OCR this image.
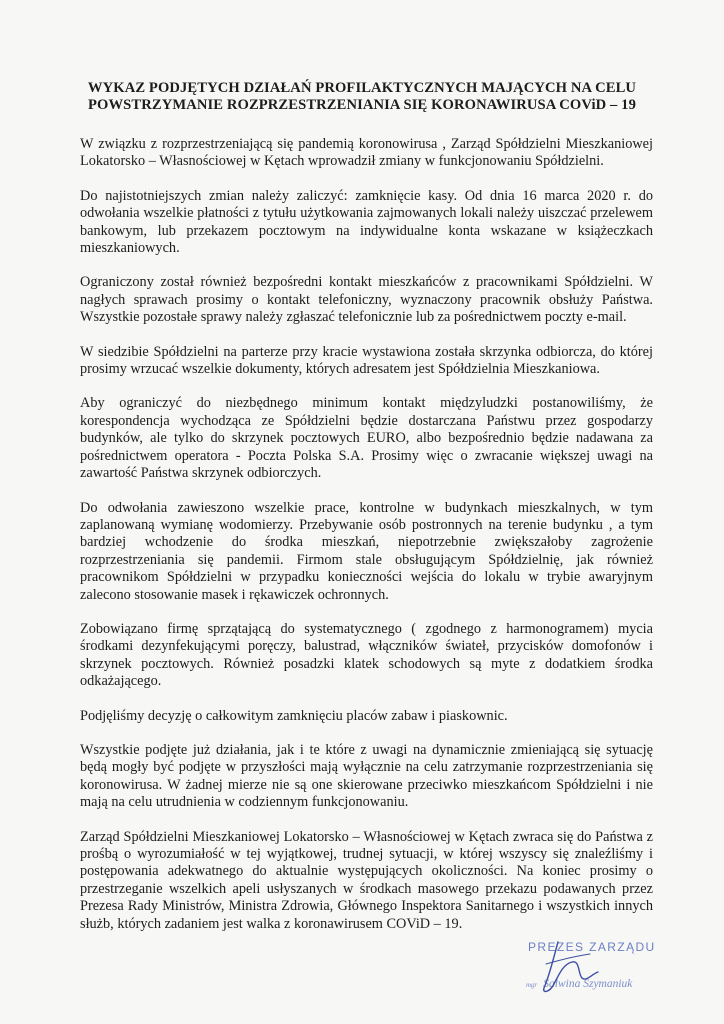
WYKAZ PODJĘTYCH DZIAŁAŃ PROFILAKTYCZNYCH MAJĄCYCH NA CELU
POWSTRZYMANIE ROZPRZESTRZENIANIA SIĘ KORONAWIRUSA COViD – 19

W związku z rozprzestrzeniającą się pandemią koronowirusa , Zarząd Spółdzielni Mieszkaniowej Lokatorsko – Własnościowej w Kętach wprowadził zmiany w funkcjonowaniu Spółdzielni.

Do najistotniejszych zmian należy zaliczyć: zamknięcie kasy. Od dnia 16 marca 2020 r. do odwołania wszelkie płatności z tytułu użytkowania zajmowanych lokali należy uiszczać przelewem bankowym, lub przekazem pocztowym na indywidualne konta wskazane w książeczkach mieszkaniowych.

Ograniczony został również bezpośredni kontakt mieszkańców z pracownikami Spółdzielni. W nagłych sprawach prosimy o kontakt telefoniczny, wyznaczony pracownik obsłuży Państwa. Wszystkie pozostałe sprawy należy zgłaszać telefonicznie lub za pośrednictwem poczty e-mail.

W siedzibie Spółdzielni na parterze przy kracie wystawiona została skrzynka odbiorcza, do której prosimy wrzucać wszelkie dokumenty, których adresatem jest Spółdzielnia Mieszkaniowa.

Aby ograniczyć do niezbędnego minimum kontakt międzyludzki postanowiliśmy, że korespondencja wychodząca ze Spółdzielni będzie dostarczana Państwu przez gospodarzy budynków, ale tylko do skrzynek pocztowych EURO, albo bezpośrednio będzie nadawana za pośrednictwem operatora - Poczta Polska S.A. Prosimy więc o zwracanie większej uwagi na zawartość Państwa skrzynek odbiorczych.

Do odwołania zawieszono wszelkie prace, kontrolne w budynkach mieszkalnych, w tym zaplanowaną wymianę wodomierzy. Przebywanie osób postronnych na terenie budynku , a tym bardziej wchodzenie do środka mieszkań, niepotrzebnie zwiększałoby zagrożenie rozprzestrzeniania się pandemii. Firmom stale obsługującym Spółdzielnię, jak również pracownikom Spółdzielni w przypadku konieczności wejścia do lokalu w trybie awaryjnym zalecono stosowanie masek i rękawiczek ochronnych.

Zobowiązano firmę sprzątającą do systematycznego ( zgodnego z harmonogramem) mycia środkami dezynfekującymi poręczy, balustrad, włączników świateł, przycisków domofonów i skrzynek pocztowych. Również posadzki klatek schodowych są myte z dodatkiem środka odkażającego.

Podjęliśmy decyzję o całkowitym zamknięciu placów zabaw i piaskownic.

Wszystkie podjęte już działania, jak i te które z uwagi na dynamicznie zmieniającą się sytuację będą mogły być podjęte w przyszłości mają wyłącznie na celu zatrzymanie rozprzestrzeniania się koronowirusa. W żadnej mierze nie są one skierowane przeciwko mieszkańcom Spółdzielni i nie mają na celu utrudnienia w codziennym funkcjonowaniu.

Zarząd Spółdzielni Mieszkaniowej Lokatorsko – Własnościowej w Kętach zwraca się do Państwa z prośbą o wyrozumiałość w tej wyjątkowej, trudnej sytuacji, w której wszyscy się znaleźliśmy i postępowania adekwatnego do aktualnie występujących okoliczności. Na koniec prosimy o przestrzeganie wszelkich apeli usłyszanych w środkach masowego przekazu podawanych przez Prezesa Rady Ministrów, Ministra Zdrowia, Głównego Inspektora Sanitarnego i wszystkich innych służb, których zadaniem jest walka z koronawirusem COViD – 19.

PREZES ZARZĄDU
mgr Salwina Szymaniuk
